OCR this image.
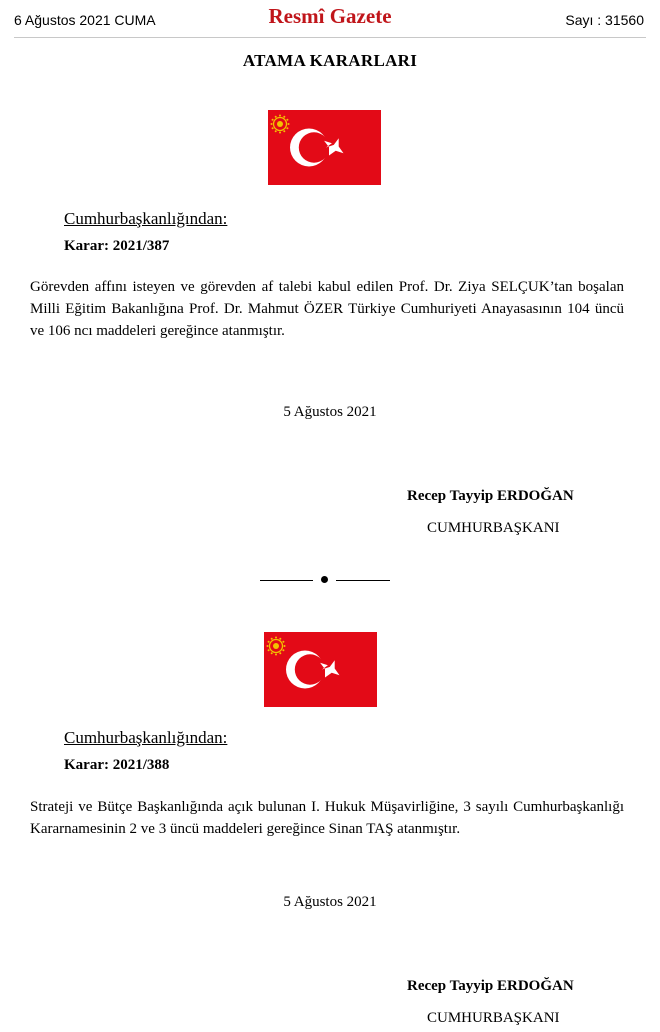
6 Ağustos 2021 CUMA	Resmî Gazete	Sayı : 31560
ATAMA KARARLARI
Cumhurbaşkanlığından:
Karar: 2021/387
Görevden affını isteyen ve görevden af talebi kabul edilen Prof. Dr. Ziya SELÇUK’tan boşalan Milli Eğitim Bakanlığına Prof. Dr. Mahmut ÖZER Türkiye Cumhuriyeti Anayasasının 104 üncü ve 106 ncı maddeleri gereğince atanmıştır.
5 Ağustos 2021
Recep Tayyip ERDOĞAN
CUMHURBAŞKANI
Cumhurbaşkanlığından:
Karar: 2021/388
Strateji ve Bütçe Başkanlığında açık bulunan I. Hukuk Müşavirliğine, 3 sayılı Cumhurbaşkanlığı Kararnamesinin 2 ve 3 üncü maddeleri gereğince Sinan TAŞ atanmıştır.
5 Ağustos 2021
Recep Tayyip ERDOĞAN
CUMHURBAŞKANI
